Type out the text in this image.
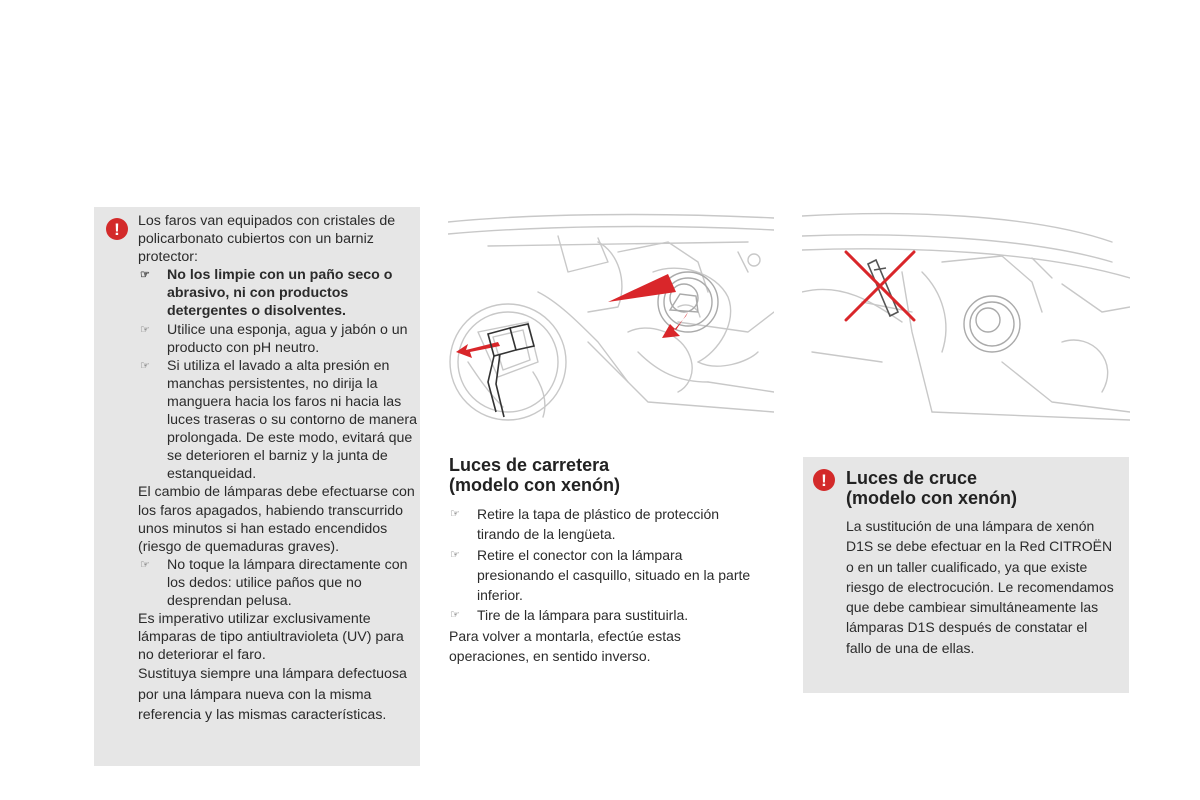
!	Los faros van equipados con cristales de policarbonato cubiertos con un barniz protector:

☞ No los limpie con un paño seco o abrasivo, ni con productos detergentes o disolventes.

☞ Utilice una esponja, agua y jabón o un producto con pH neutro.

☞ Si utiliza el lavado a alta presión en manchas persistentes, no dirija la manguera hacia los faros ni hacia las luces traseras o su contorno de manera prolongada. De este modo, evitará que se deterioren el barniz y la junta de estanqueidad.

El cambio de lámparas debe efectuarse con los faros apagados, habiendo transcurrido unos minutos si han estado encendidos (riesgo de quemaduras graves).

☞ No toque la lámpara directamente con los dedos: utilice paños que no desprendan pelusa.

Es imperativo utilizar exclusivamente lámparas de tipo antiultravioleta (UV) para no deteriorar el faro.

Sustituya siempre una lámpara defectuosa por una lámpara nueva con la misma referencia y las mismas características.

Luces de carretera
(modelo con xenón)

☞ Retire la tapa de plástico de protección tirando de la lengüeta.

☞ Retire el conector con la lámpara presionando el casquillo, situado en la parte inferior.

☞ Tire de la lámpara para sustituirla.

Para volver a montarla, efectúe estas operaciones, en sentido inverso.

!	Luces de cruce
(modelo con xenón)
La sustitución de una lámpara de xenón D1S se debe efectuar en la Red CITROËN o en un taller cualificado, ya que existe riesgo de electrocución. Le recomendamos que debe cambiear simultáneamente las lámparas D1S después de constatar el fallo de una de ellas.
